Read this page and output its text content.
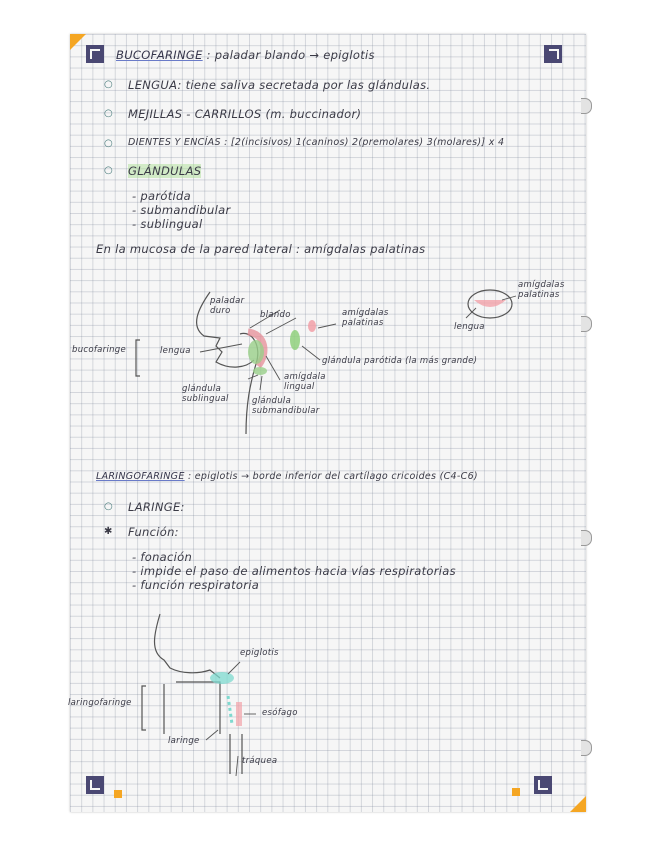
BUCOFARINGE : paladar blando → epiglotis
○ LENGUA: tiene saliva secretada por las glándulas.
○ MEJILLAS - CARRILLOS (m. buccinador)
○ DIENTES Y ENCÍAS : [2(incisivos) 1(caninos) 2(premolares) 3(molares)] x 4
○ GLÁNDULAS
- parótida
- submandibular
- sublingual
En la mucosa de la pared lateral : amígdalas palatinas
bucofaringe
paladar duro	blando	amígdalas palatinas
lengua
amígdala lingual
glándula parótida (la más grande)
glándula sublingual	glándula submandibular
amígdalas palatinas
lengua
LARINGOFARINGE : epiglotis → borde inferior del cartílago cricoides (C4-C6)
○ LARINGE:
✱ Función:
- fonación
- impide el paso de alimentos hacia vías respiratorias
- función respiratoria
laringofaringe
epiglotis
esófago
laringe
tráquea
